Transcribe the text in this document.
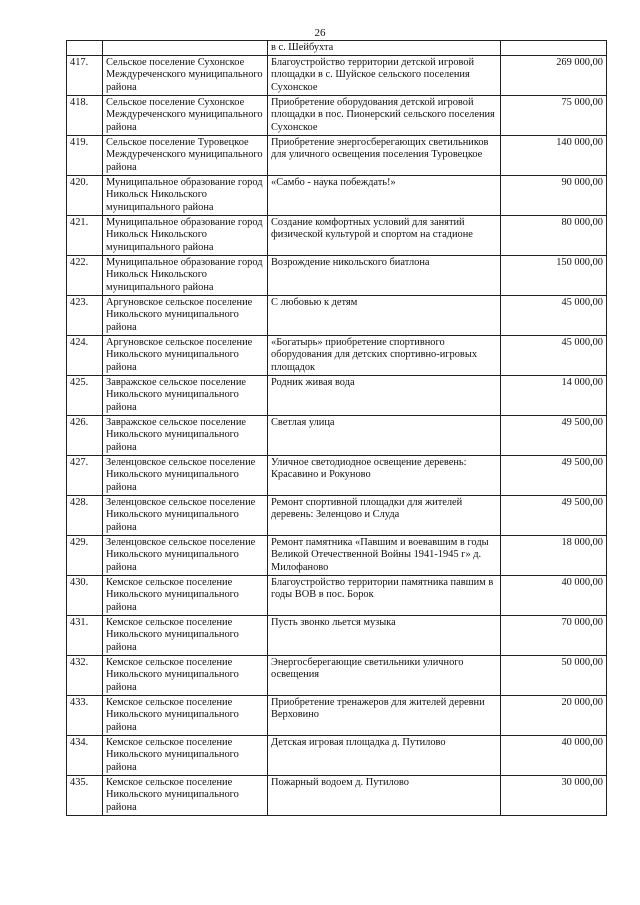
26
		в с. Шейбухта	
417.	Сельское поселение Сухонское Междуреченского муниципального района	Благоустройство территории детской игровой площадки в с. Шуйское сельского поселения Сухонское	269 000,00
418.	Сельское поселение Сухонское Междуреченского муниципального района	Приобретение оборудования детской игровой площадки в пос. Пионерский сельского поселения Сухонское	75 000,00
419.	Сельское поселение Туровецкое Междуреченского муниципального района	Приобретение энергосберегающих светильников для уличного освещения поселения Туровецкое	140 000,00
420.	Муниципальное образование город Никольск Никольского муниципального района	«Самбо - наука побеждать!»	90 000,00
421.	Муниципальное образование город Никольск Никольского муниципального района	Создание комфортных условий для занятий физической культурой и спортом на стадионе	80 000,00
422.	Муниципальное образование город Никольск Никольского муниципального района	Возрождение никольского биатлона	150 000,00
423.	Аргуновское сельское поселение Никольского муниципального района	С любовью к детям	45 000,00
424.	Аргуновское сельское поселение Никольского муниципального района	«Богатырь» приобретение спортивного оборудования для детских спортивно-игровых площадок	45 000,00
425.	Завражское сельское поселение Никольского муниципального района	Родник живая вода	14 000,00
426.	Завражское сельское поселение Никольского муниципального района	Светлая улица	49 500,00
427.	Зеленцовское сельское поселение Никольского муниципального района	Уличное светодиодное освещение деревень: Красавино и Рокуново	49 500,00
428.	Зеленцовское сельское поселение Никольского муниципального района	Ремонт спортивной площадки для жителей деревень: Зеленцово и Слуда	49 500,00
429.	Зеленцовское сельское поселение Никольского муниципального района	Ремонт памятника «Павшим и воевавшим в годы Великой Отечественной Войны 1941-1945 г» д. Милофаново	18 000,00
430.	Кемское сельское поселение Никольского муниципального района	Благоустройство территории памятника павшим в годы ВОВ в пос. Борок	40 000,00
431.	Кемское сельское поселение Никольского муниципального района	Пусть звонко льется музыка	70 000,00
432.	Кемское сельское поселение Никольского муниципального района	Энергосберегающие светильники уличного освещения	50 000,00
433.	Кемское сельское поселение Никольского муниципального района	Приобретение тренажеров для жителей деревни Верховино	20 000,00
434.	Кемское сельское поселение Никольского муниципального района	Детская игровая площадка д. Путилово	40 000,00
435.	Кемское сельское поселение Никольского муниципального района	Пожарный водоем д. Путилово	30 000,00
